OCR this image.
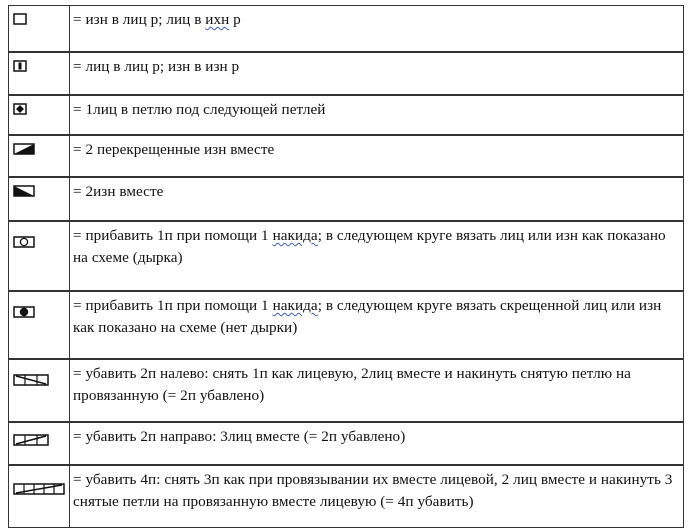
= изн в лиц р; лиц в ихн р
= лиц в лиц р; изн в изн р
= 1лиц в петлю под следующей петлей
= 2 перекрещенные изн вместе
= 2изн вместе
= прибавить 1п при помощи 1 накида; в следующем круге вязать лиц или изн как показано на схеме (дырка)
= прибавить 1п при помощи 1 накида; в следующем круге вязать скрещенной лиц или изн как показано на схеме (нет дырки)
= убавить 2п налево: снять 1п как лицевую, 2лиц вместе и накинуть снятую петлю на провязанную (= 2п убавлено)
= убавить 2п направо: 3лиц вместе (= 2п убавлено)
= убавить 4п: снять 3п как при провязывании их вместе лицевой, 2 лиц вместе и накинуть 3 снятые петли на провязанную вместе лицевую (= 4п убавить)
